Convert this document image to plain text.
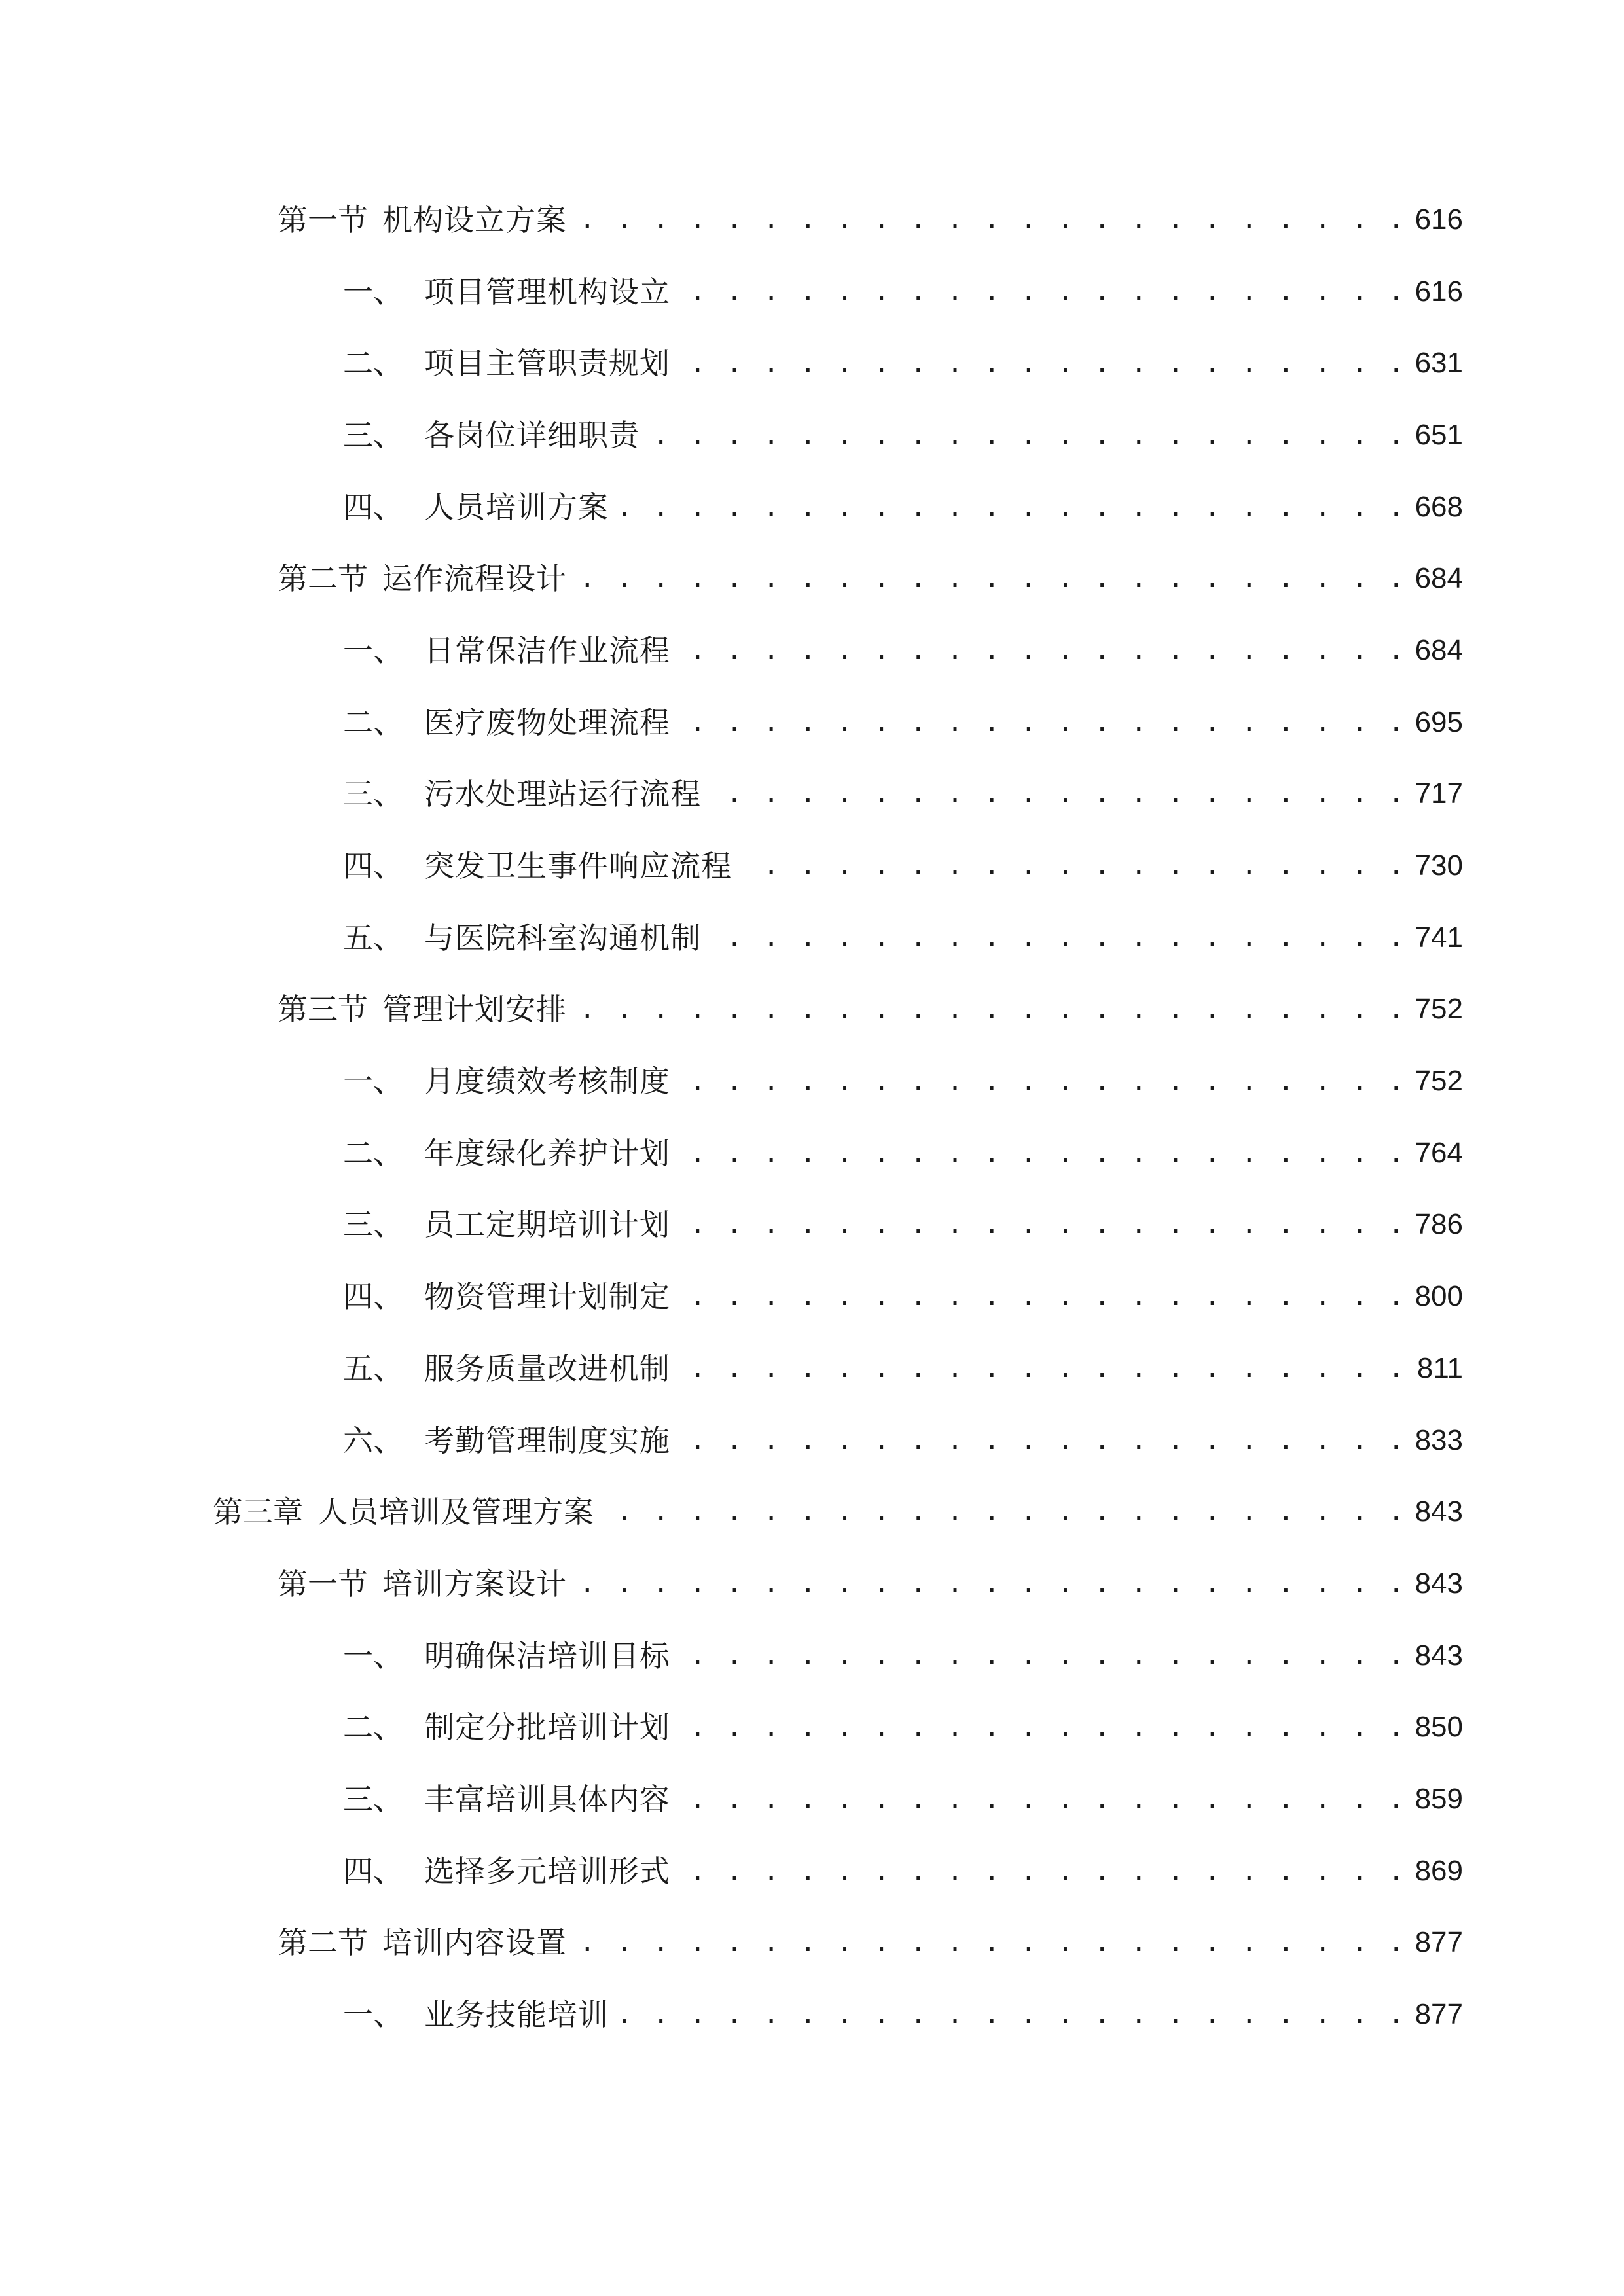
第一节 机构设立方案 . . .	616
一、 项目管理机构设立 . . .	616
二、 项目主管职责规划 . . .	631
三、 各岗位详细职责 . . .	651
四、 人员培训方案 . . .	668
第二节 运作流程设计 . . .	684
一、 日常保洁作业流程 . . .	684
二、 医疗废物处理流程 . . .	695
三、 污水处理站运行流程 . . .	717
四、 突发卫生事件响应流程 . . .	730
五、 与医院科室沟通机制 . . .	741
第三节 管理计划安排 . . .	752
一、 月度绩效考核制度 . . .	752
二、 年度绿化养护计划 . . .	764
三、 员工定期培训计划 . . .	786
四、 物资管理计划制定 . . .	800
五、 服务质量改进机制 . . .	811
六、 考勤管理制度实施 . . .	833
第三章 人员培训及管理方案 . . .	843
第一节 培训方案设计 . . .	843
一、 明确保洁培训目标 . . .	843
二、 制定分批培训计划 . . .	850
三、 丰富培训具体内容 . . .	859
四、 选择多元培训形式 . . .	869
第二节 培训内容设置 . . .	877
一、 业务技能培训 . . .	877
